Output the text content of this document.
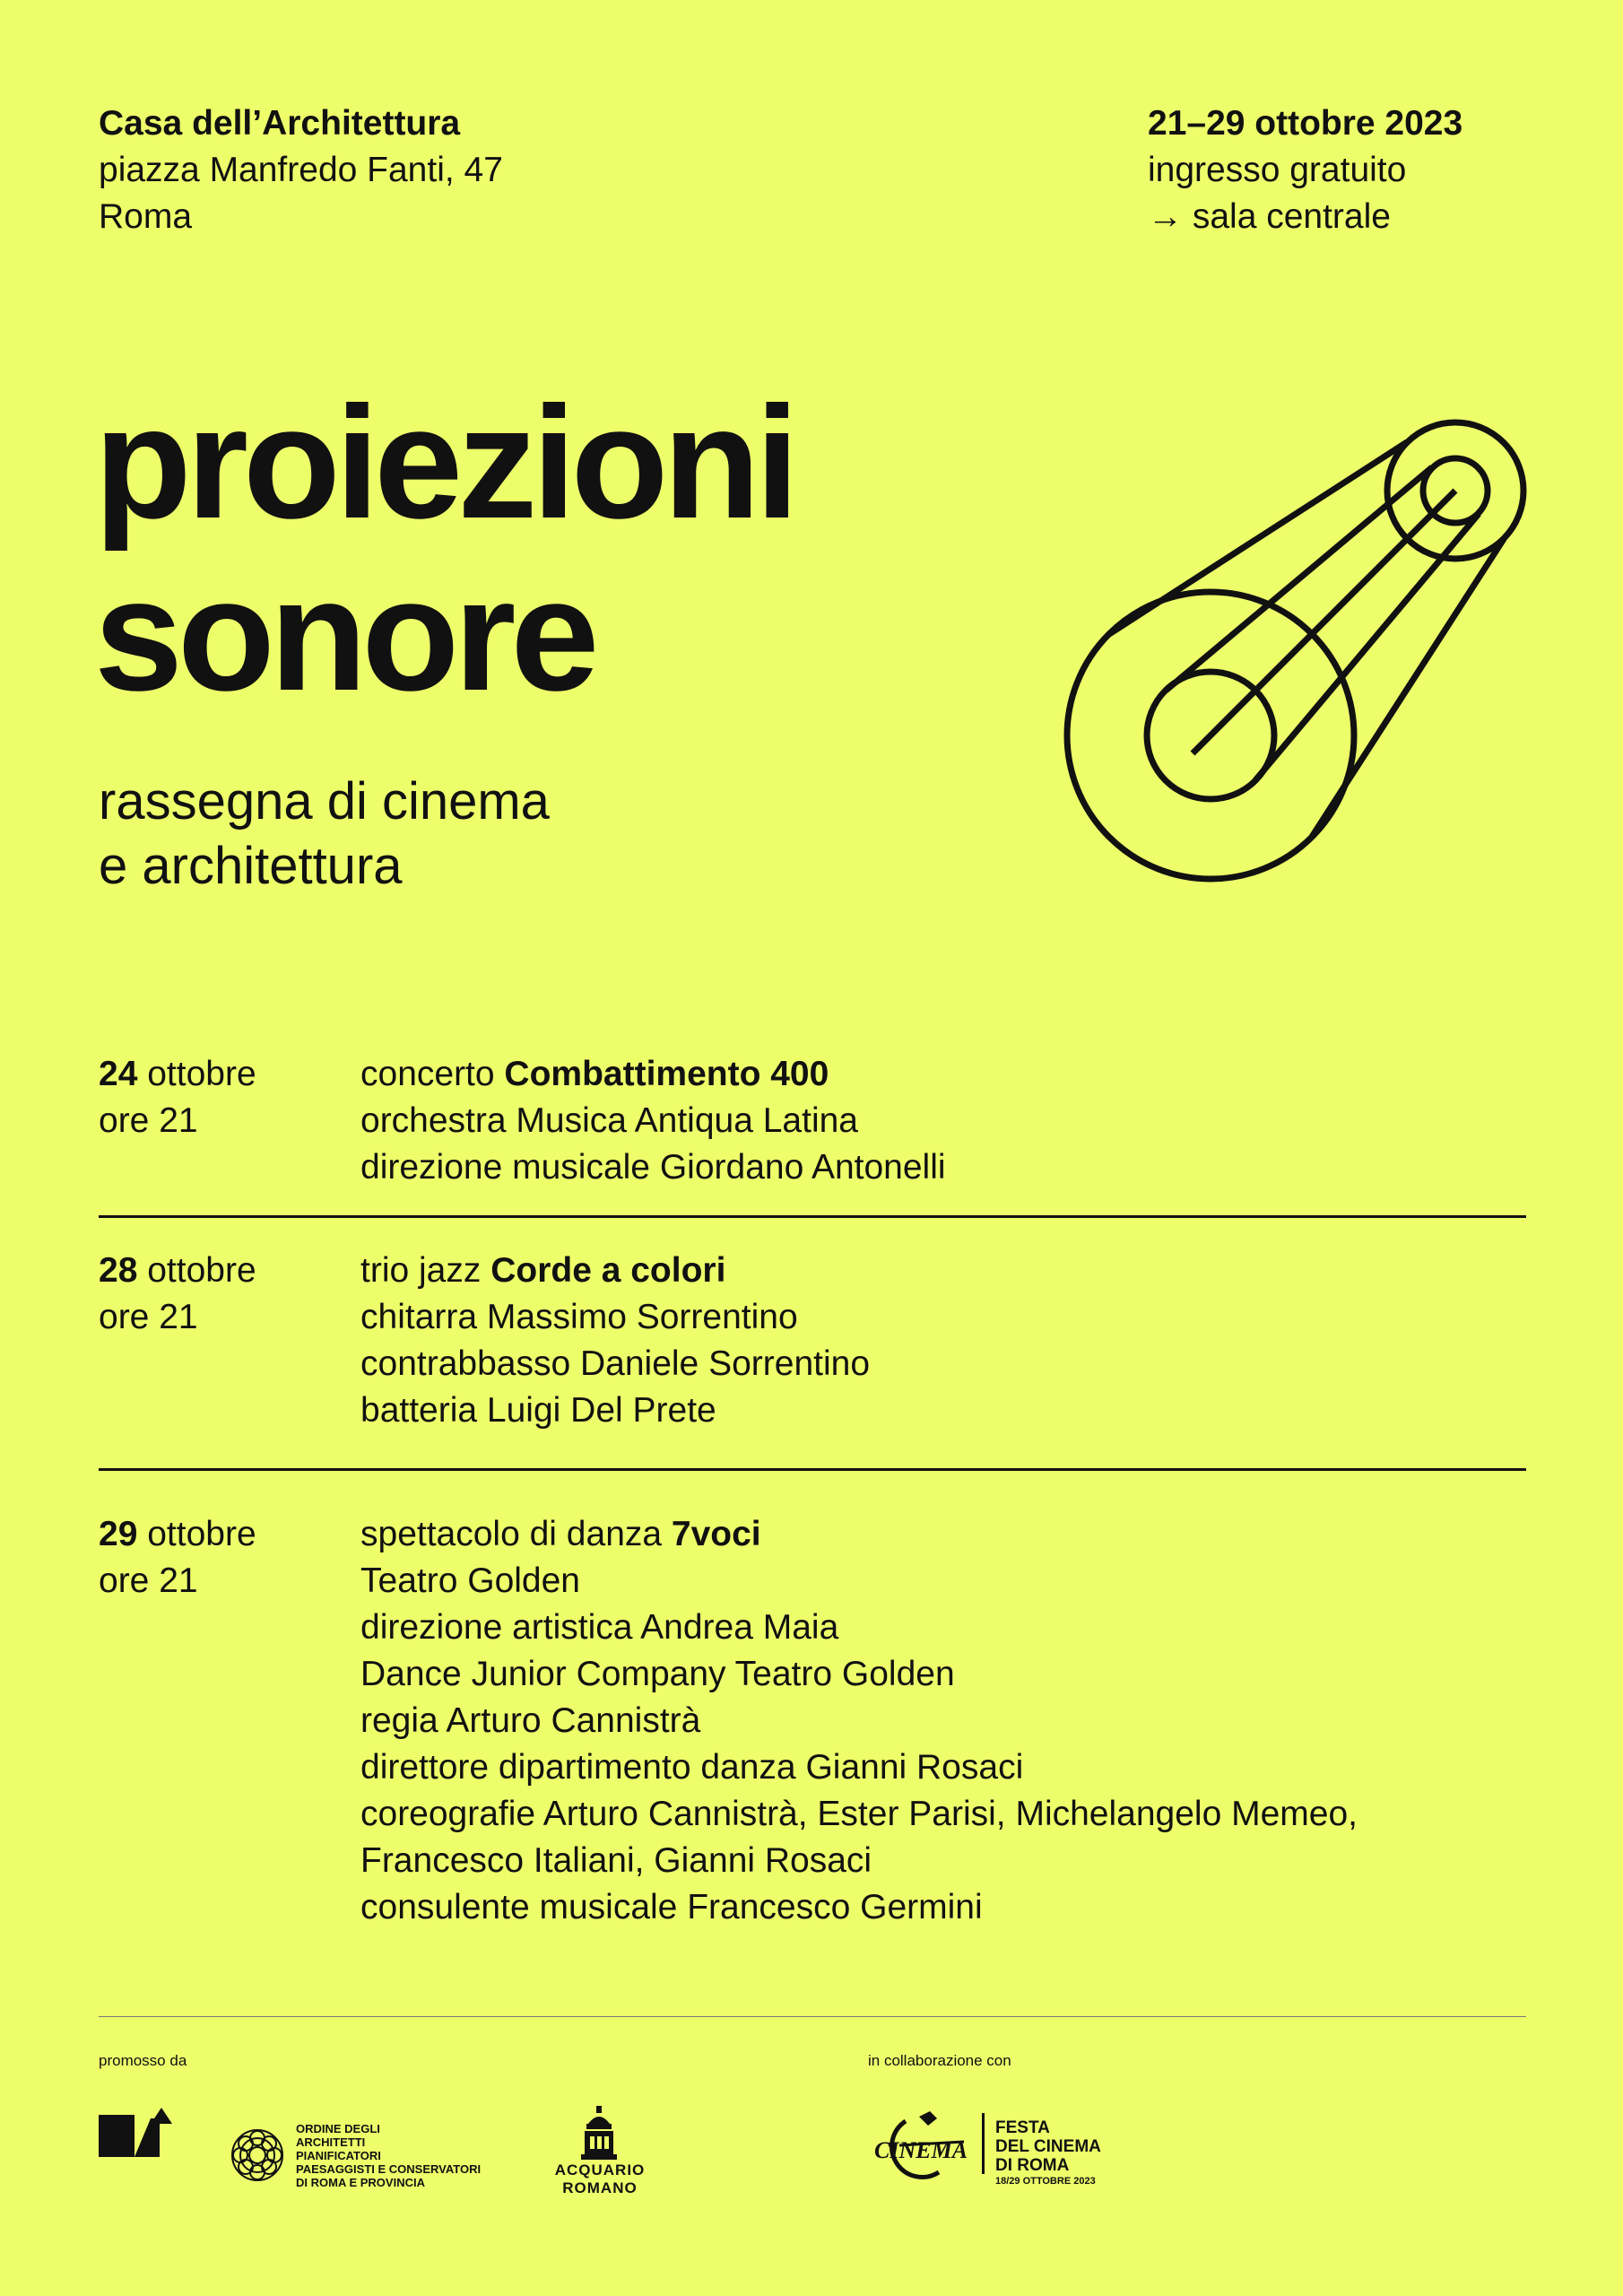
Casa dell’Architettura
piazza Manfredo Fanti, 47
Roma
21–29 ottobre 2023
ingresso gratuito
→ sala centrale
proiezioni
sonore
rassegna di cinema
e architettura
24 ottobre
ore 21
concerto Combattimento 400
orchestra Musica Antiqua Latina
direzione musicale Giordano Antonelli
28 ottobre
ore 21
trio jazz Corde a colori
chitarra Massimo Sorrentino
contrabbasso Daniele Sorrentino
batteria Luigi Del Prete
29 ottobre
ore 21
spettacolo di danza 7voci
Teatro Golden
direzione artistica Andrea Maia
Dance Junior Company Teatro Golden
regia Arturo Cannistrà
direttore dipartimento danza Gianni Rosaci
coreografie Arturo Cannistrà, Ester Parisi, Michelangelo Memeo,
Francesco Italiani, Gianni Rosaci
consulente musicale Francesco Germini
promosso da	in collaborazione con
ORDINE DEGLI
ARCHITETTI
PIANIFICATORI
PAESAGGISTI E CONSERVATORI
DI ROMA E PROVINCIA
ACQUARIO
ROMANO
CINEMA
FESTA
DEL CINEMA
DI ROMA
18/29 OTTOBRE 2023
